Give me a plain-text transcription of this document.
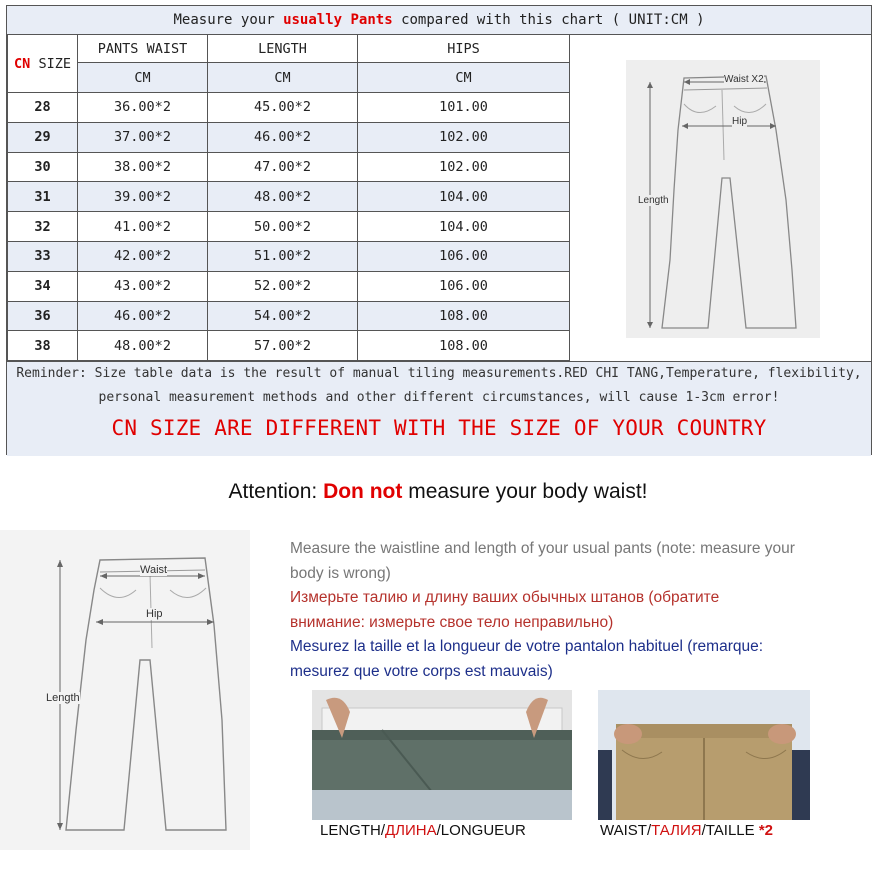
Measure your usually Pants compared with this chart ( UNIT:CM )
CN SIZE	PANTS WAIST	LENGTH	HIPS
	CM	CM	CM
28	36.00*2	45.00*2	101.00
29	37.00*2	46.00*2	102.00
30	38.00*2	47.00*2	102.00
31	39.00*2	48.00*2	104.00
32	41.00*2	50.00*2	104.00
33	42.00*2	51.00*2	106.00
34	43.00*2	52.00*2	106.00
36	46.00*2	54.00*2	108.00
38	48.00*2	57.00*2	108.00
Waist X2
Hip
Length
Reminder: Size table data is the result of manual tiling measurements.RED CHI TANG,Temperature, flexibility,
personal measurement methods and other different circumstances, will cause 1-3cm error!
CN SIZE ARE DIFFERENT WITH THE SIZE OF YOUR COUNTRY
Attention: Don not measure your body waist!
Waist
Hip
Length
Measure the waistline and length of your usual pants (note: measure your
body is wrong)
Измерьте талию и длину ваших обычных штанов (обратите
внимание: измерьте свое тело неправильно)
Mesurez la taille et la longueur de votre pantalon habituel (remarque:
mesurez que votre corps est mauvais)
LENGTH/ДЛИНА/LONGUEUR	WAIST/ТАЛИЯ/TAILLE *2
